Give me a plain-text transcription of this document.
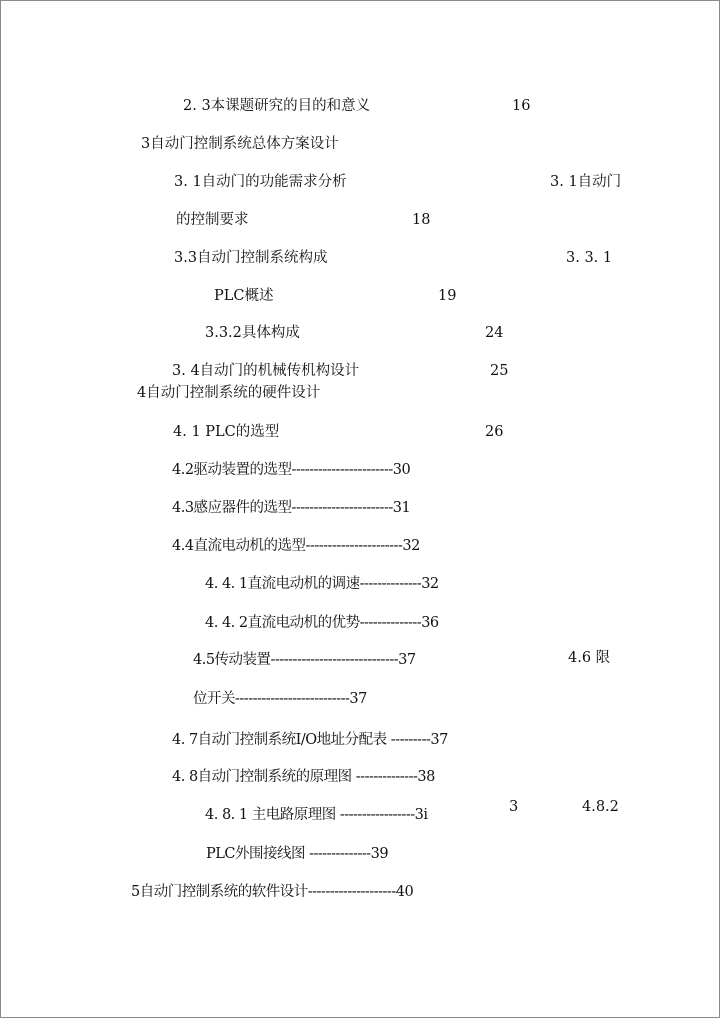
2. 3本课题研究的目的和意义	16
3自动门控制系统总体方案设计
3. 1自动门的功能需求分析	3. 1自动门
的控制要求	18
3.3自动门控制系统构成	3. 3. 1
PLC概述	19
3.3.2具体构成	24
3. 4自动门的机械传机构设计	25
4自动门控制系统的硬件设计
4. 1 PLC的选型	26
4.2驱动装置的选型-----------------------30
4.3感应器件的选型-----------------------31
4.4直流电动机的选型----------------------32
4. 4. 1直流电动机的调速--------------32
4. 4. 2直流电动机的优势--------------36
4.5传动装置-----------------------------37	4.6 限
位开关--------------------------37
4. 7自动门控制系统I/O地址分配表 ---------37
4. 8自动门控制系统的原理图 --------------38
4. 8. 1 主电路原理图 -----------------3i	3	4.8.2
PLC外围接线图 --------------39
5自动门控制系统的软件设计--------------------40
